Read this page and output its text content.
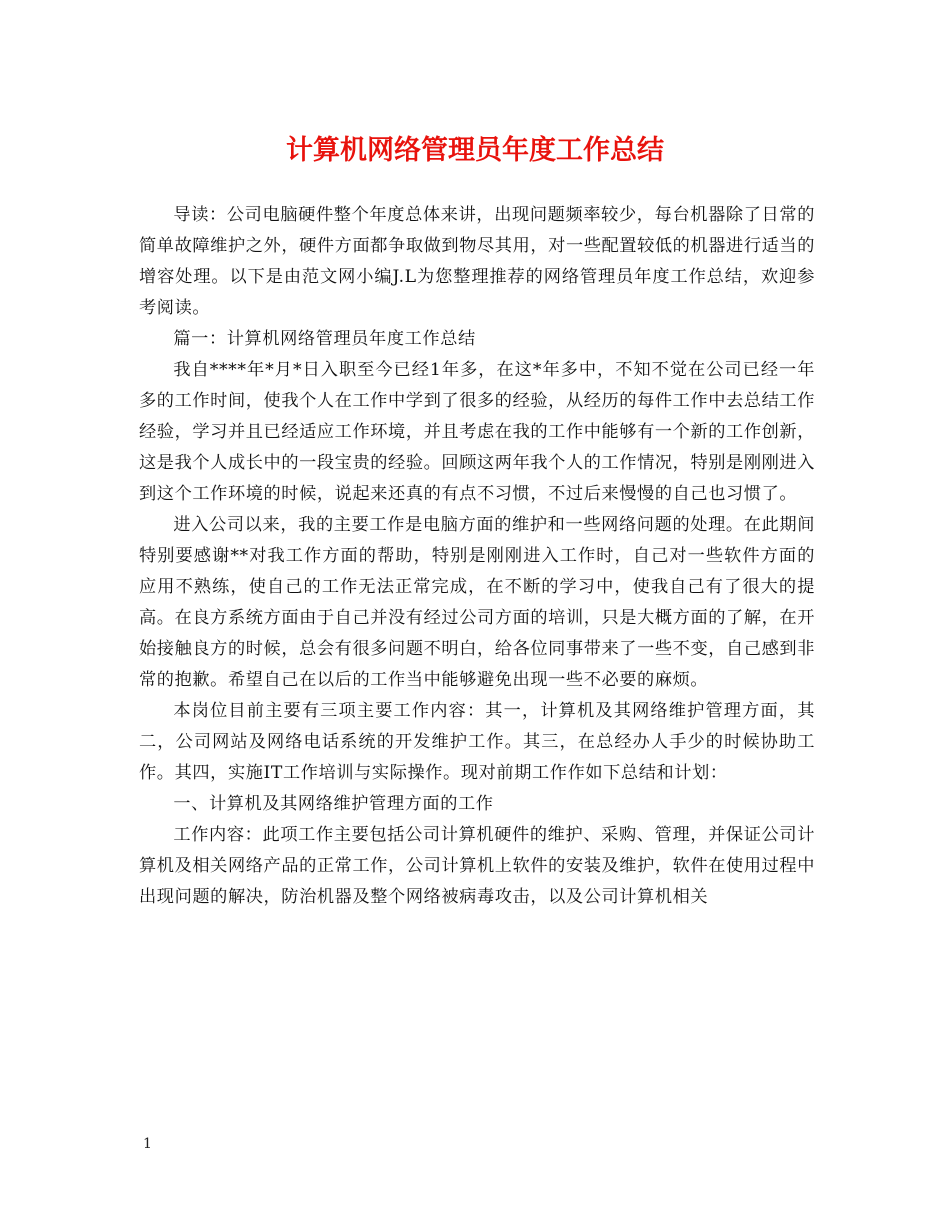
计算机网络管理员年度工作总结

导读：公司电脑硬件整个年度总体来讲，出现问题频率较少，每台机器除了日常的简单故障维护之外，硬件方面都争取做到物尽其用，对一些配置较低的机器进行适当的增容处理。以下是由范文网小编J.L为您整理推荐的网络管理员年度工作总结，欢迎参考阅读。

篇一：计算机网络管理员年度工作总结

我自****年*月*日入职至今已经1年多，在这*年多中，不知不觉在公司已经一年多的工作时间，使我个人在工作中学到了很多的经验，从经历的每件工作中去总结工作经验，学习并且已经适应工作环境，并且考虑在我的工作中能够有一个新的工作创新，这是我个人成长中的一段宝贵的经验。回顾这两年我个人的工作情况，特别是刚刚进入到这个工作环境的时候，说起来还真的有点不习惯，不过后来慢慢的自己也习惯了。

进入公司以来，我的主要工作是电脑方面的维护和一些网络问题的处理。在此期间特别要感谢**对我工作方面的帮助，特别是刚刚进入工作时，自己对一些软件方面的应用不熟练，使自己的工作无法正常完成，在不断的学习中，使我自己有了很大的提高。在良方系统方面由于自己并没有经过公司方面的培训，只是大概方面的了解，在开始接触良方的时候，总会有很多问题不明白，给各位同事带来了一些不变，自己感到非常的抱歉。希望自己在以后的工作当中能够避免出现一些不必要的麻烦。

本岗位目前主要有三项主要工作内容：其一，计算机及其网络维护管理方面，其二，公司网站及网络电话系统的开发维护工作。其三，在总经办人手少的时候协助工作。其四，实施IT工作培训与实际操作。现对前期工作作如下总结和计划：

一、计算机及其网络维护管理方面的工作

工作内容：此项工作主要包括公司计算机硬件的维护、采购、管理，并保证公司计算机及相关网络产品的正常工作，公司计算机上软件的安装及维护，软件在使用过程中出现问题的解决，防治机器及整个网络被病毒攻击，以及公司计算机相关

1
